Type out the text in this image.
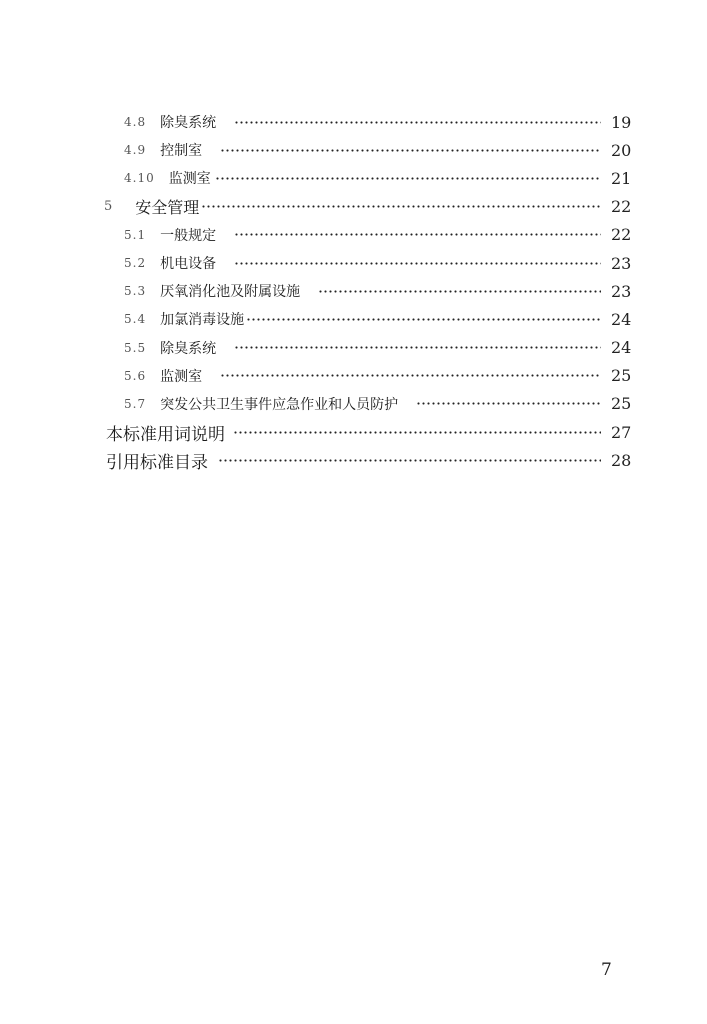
4.8 除臭系统	19
4.9 控制室	20
4.10 监测室	21
5 安全管理	22
5.1 一般规定	22
5.2 机电设备	23
5.3 厌氧消化池及附属设施	23
5.4 加氯消毒设施	24
5.5 除臭系统	24
5.6 监测室	25
5.7 突发公共卫生事件应急作业和人员防护	25
本标准用词说明	27
引用标准目录	28
7
